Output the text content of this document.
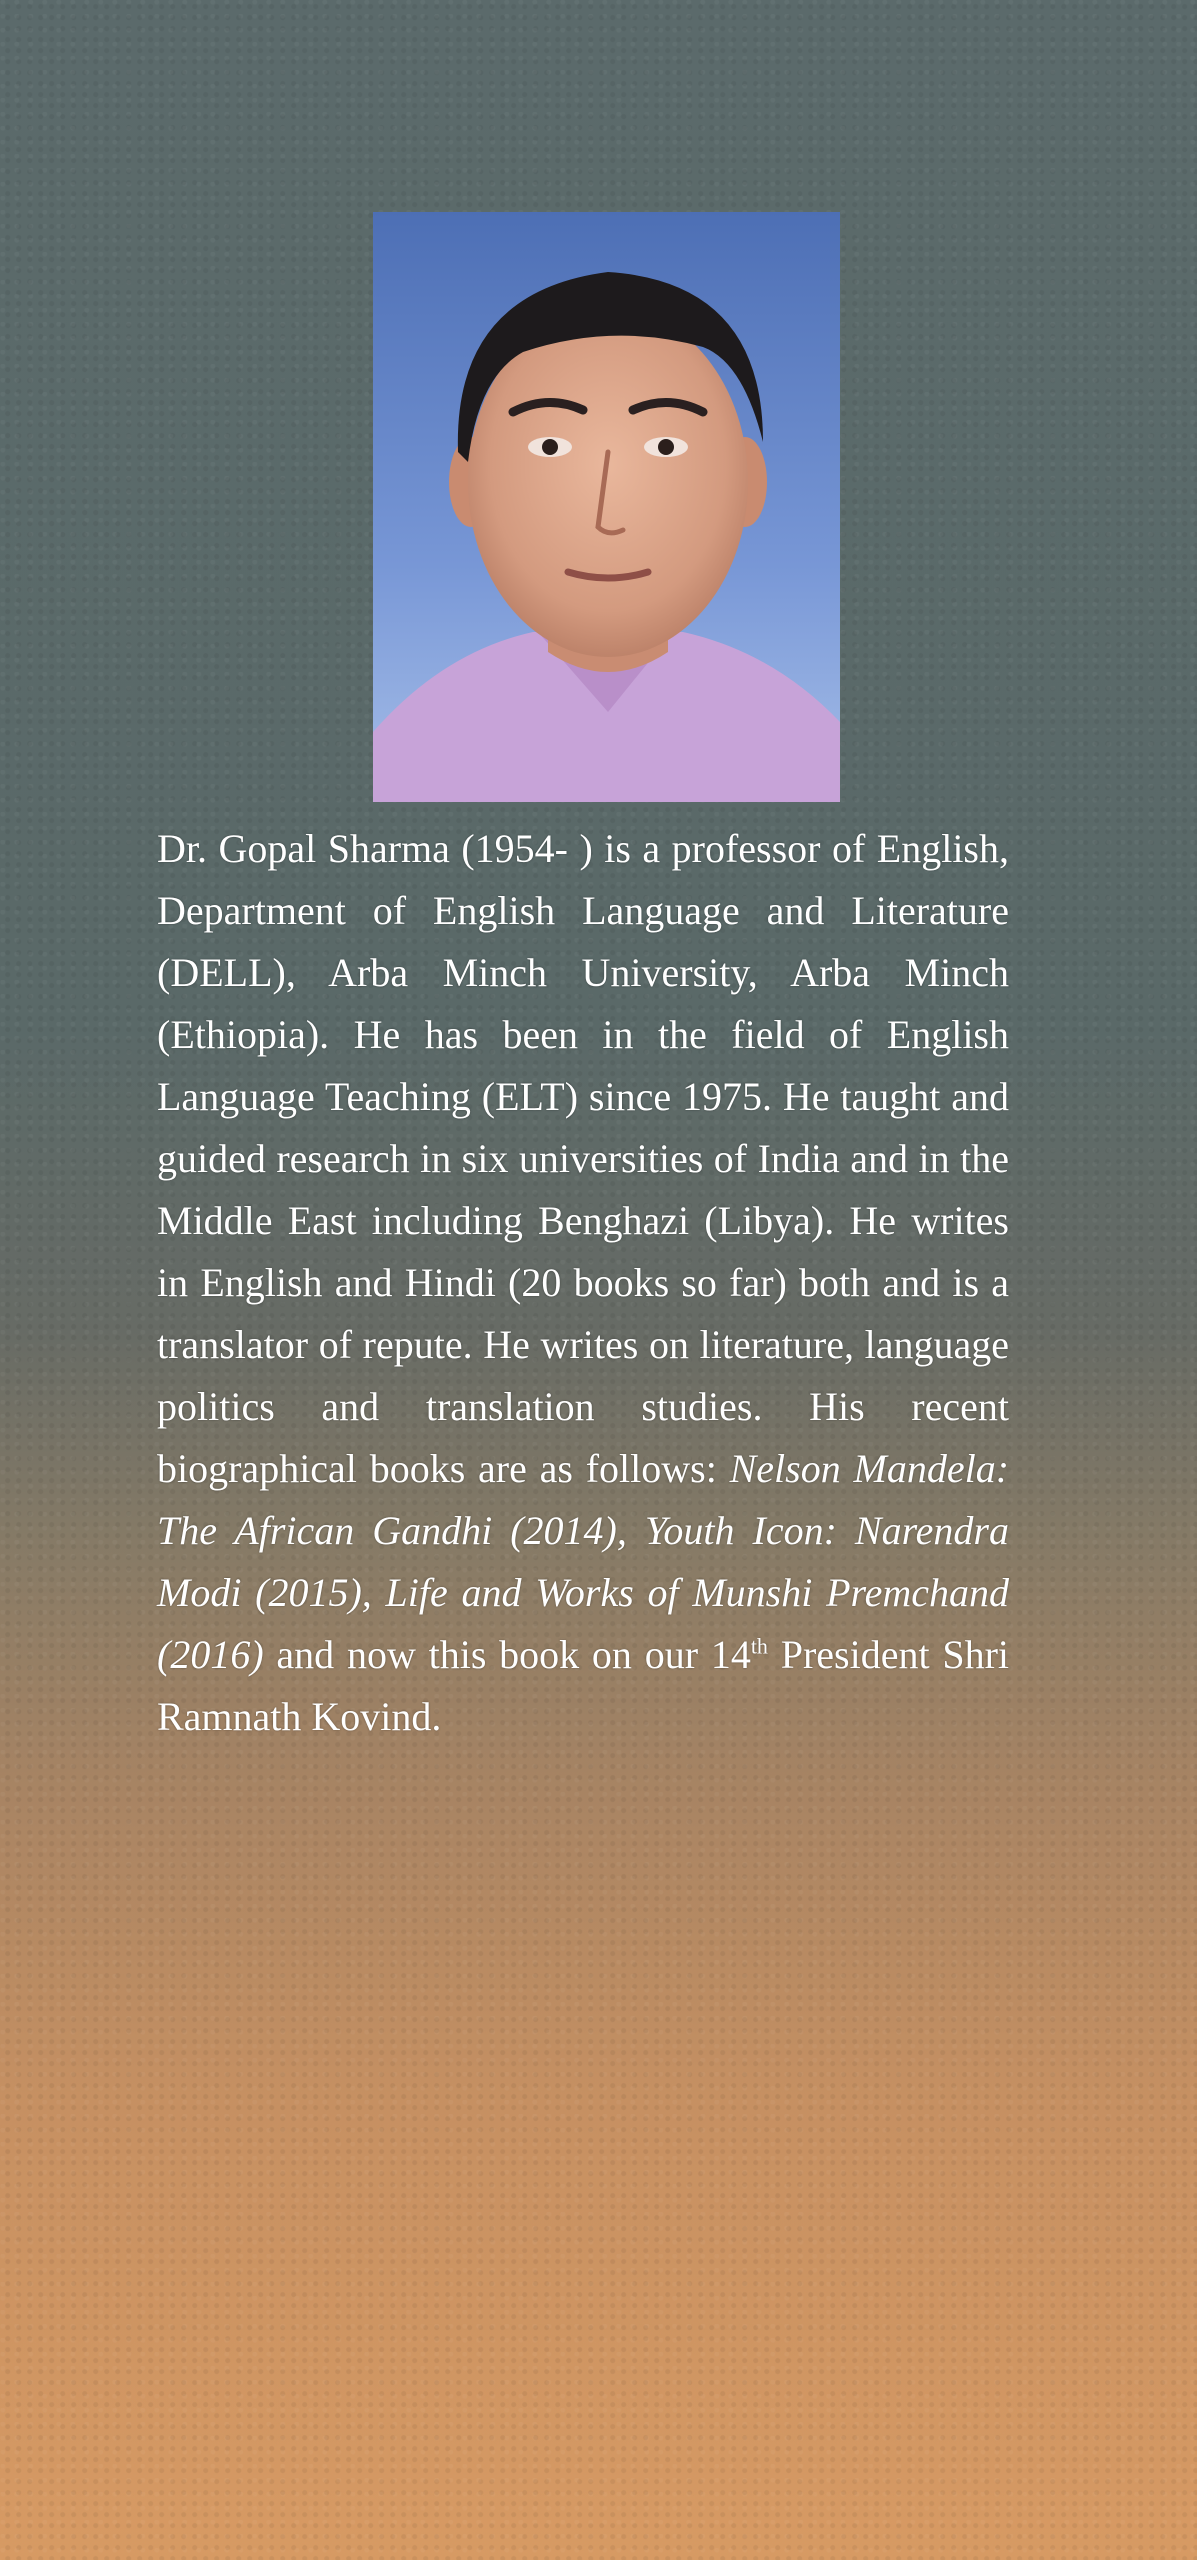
Dr. Gopal Sharma (1954- ) is a professor of English, Department of English Language and Literature (DELL), Arba Minch University, Arba Minch (Ethiopia). He has been in the field of English Language Teaching (ELT) since 1975. He taught and guided research in six universities of India and in the Middle East including Benghazi (Libya). He writes in English and Hindi (20 books so far) both and is a translator of repute. He writes on literature, language politics and translation studies. His recent biographical books are as follows: Nelson Mandela: The African Gandhi (2014), Youth Icon: Narendra Modi (2015), Life and Works of Munshi Premchand (2016) and now this book on our 14th President Shri Ramnath Kovind.
